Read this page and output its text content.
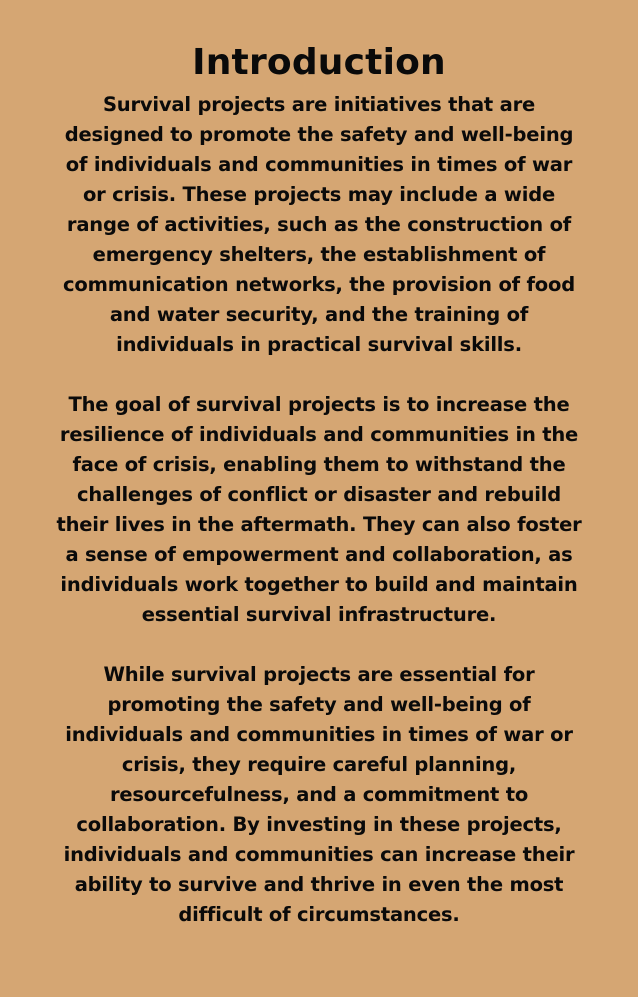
Introduction

Survival projects are initiatives that are
designed to promote the safety and well-being
of individuals and communities in times of war
or crisis. These projects may include a wide
range of activities, such as the construction of
emergency shelters, the establishment of
communication networks, the provision of food
and water security, and the training of
individuals in practical survival skills.

The goal of survival projects is to increase the
resilience of individuals and communities in the
face of crisis, enabling them to withstand the
challenges of conflict or disaster and rebuild
their lives in the aftermath. They can also foster
a sense of empowerment and collaboration, as
individuals work together to build and maintain
essential survival infrastructure.

While survival projects are essential for
promoting the safety and well-being of
individuals and communities in times of war or
crisis, they require careful planning,
resourcefulness, and a commitment to
collaboration. By investing in these projects,
individuals and communities can increase their
ability to survive and thrive in even the most
difficult of circumstances.
